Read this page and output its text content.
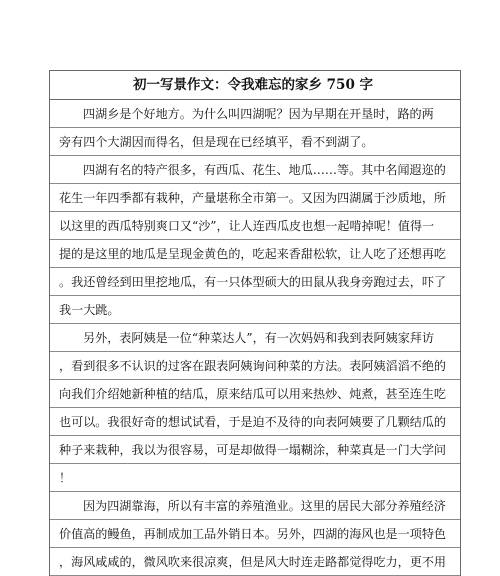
初一写景作文：令我难忘的家乡 750 字
四湖乡是个好地方。为什么叫四湖呢？因为早期在开垦时，路的两
旁有四个大湖因而得名，但是现在已经填平，看不到湖了。
四湖有名的特产很多，有西瓜、花生、地瓜……等。其中名闻遐迩的
花生一年四季都有栽种，产量堪称全市第一。又因为四湖属于沙质地，所
以这里的西瓜特别爽口又“沙”，让人连西瓜皮也想一起啃掉呢！值得一
提的是这里的地瓜是呈现金黄色的，吃起来香甜松软，让人吃了还想再吃
。我还曾经到田里挖地瓜，有一只体型硕大的田鼠从我身旁跑过去，吓了
我一大跳。
另外，表阿姨是一位“种菜达人”，有一次妈妈和我到表阿姨家拜访
，看到很多不认识的过客在跟表阿姨询问种菜的方法。表阿姨滔滔不绝的
向我们介绍她新种植的结瓜，原来结瓜可以用来热炒、炖煮，甚至连生吃
也可以。我很好奇的想试试看，于是迫不及待的向表阿姨要了几颗结瓜的
种子来栽种，我以为很容易，可是却做得一塌糊涂，种菜真是一门大学问
！
因为四湖靠海，所以有丰富的养殖渔业。这里的居民大部分养殖经济
价值高的鳗鱼，再制成加工品外销日本。另外，四湖的海风也是一项特色
，海风咸咸的，微风吹来很凉爽，但是风大时连走路都觉得吃力，更不用
